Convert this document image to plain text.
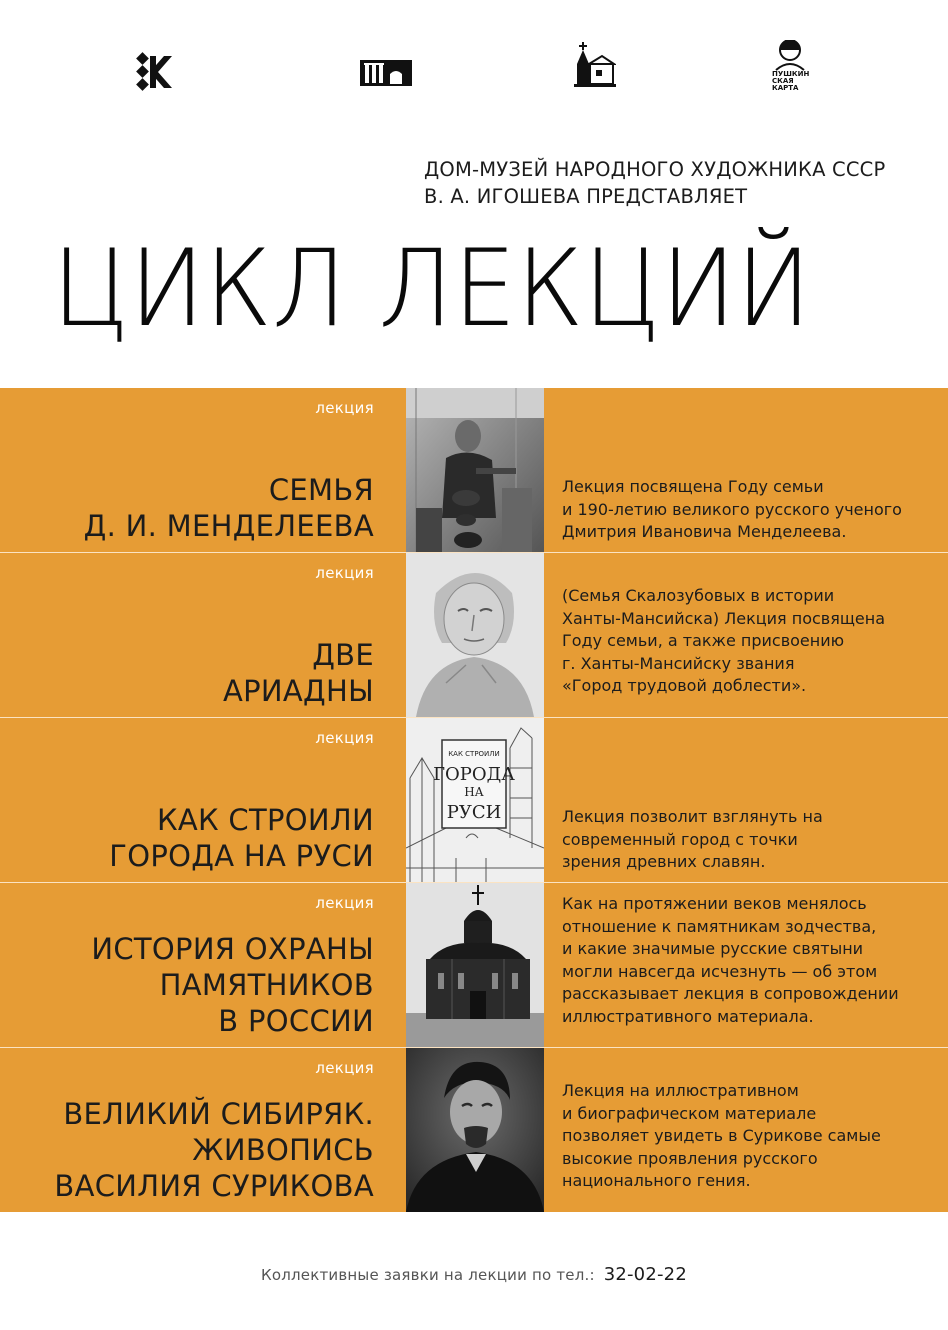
ПУШКИН
СКАЯ
КАРТА
ДОМ-МУЗЕЙ НАРОДНОГО ХУДОЖНИКА СССР
В. А. ИГОШЕВА ПРЕДСТАВЛЯЕТ
ЦИКЛ ЛЕКЦИЙ
лекция
СЕМЬЯ
Д. И. МЕНДЕЛЕЕВА
Лекция посвящена Году семьи
и 190-летию великого русского ученого
Дмитрия Ивановича Менделеева.
лекция
ДВЕ
АРИАДНЫ
(Семья Скалозубовых в истории
Ханты-Мансийска) Лекция посвящена
Году семьи, а также присвоению
г. Ханты-Мансийску звания
«Город трудовой доблести».
лекция
КАК СТРОИЛИ
ГОРОДА НА РУСИ
КАК СТРОИЛИ
ГОРОДА
НА
РУСИ	Лекция позволит взглянуть на
современный город с точки
зрения древних славян.
лекция
ИСТОРИЯ ОХРАНЫ
ПАМЯТНИКОВ
В РОССИИ
Как на протяжении веков менялось
отношение к памятникам зодчества,
и какие значимые русские святыни
могли навсегда исчезнуть — об этом
рассказывает лекция в сопровождении
иллюстративного материала.
лекция
ВЕЛИКИЙ СИБИРЯК.
ЖИВОПИСЬ
ВАСИЛИЯ СУРИКОВА
Лекция на иллюстративном
и биографическом материале
позволяет увидеть в Сурикове самые
высокие проявления русского
национального гения.
Коллективные заявки на лекции по тел.: 32-02-22
